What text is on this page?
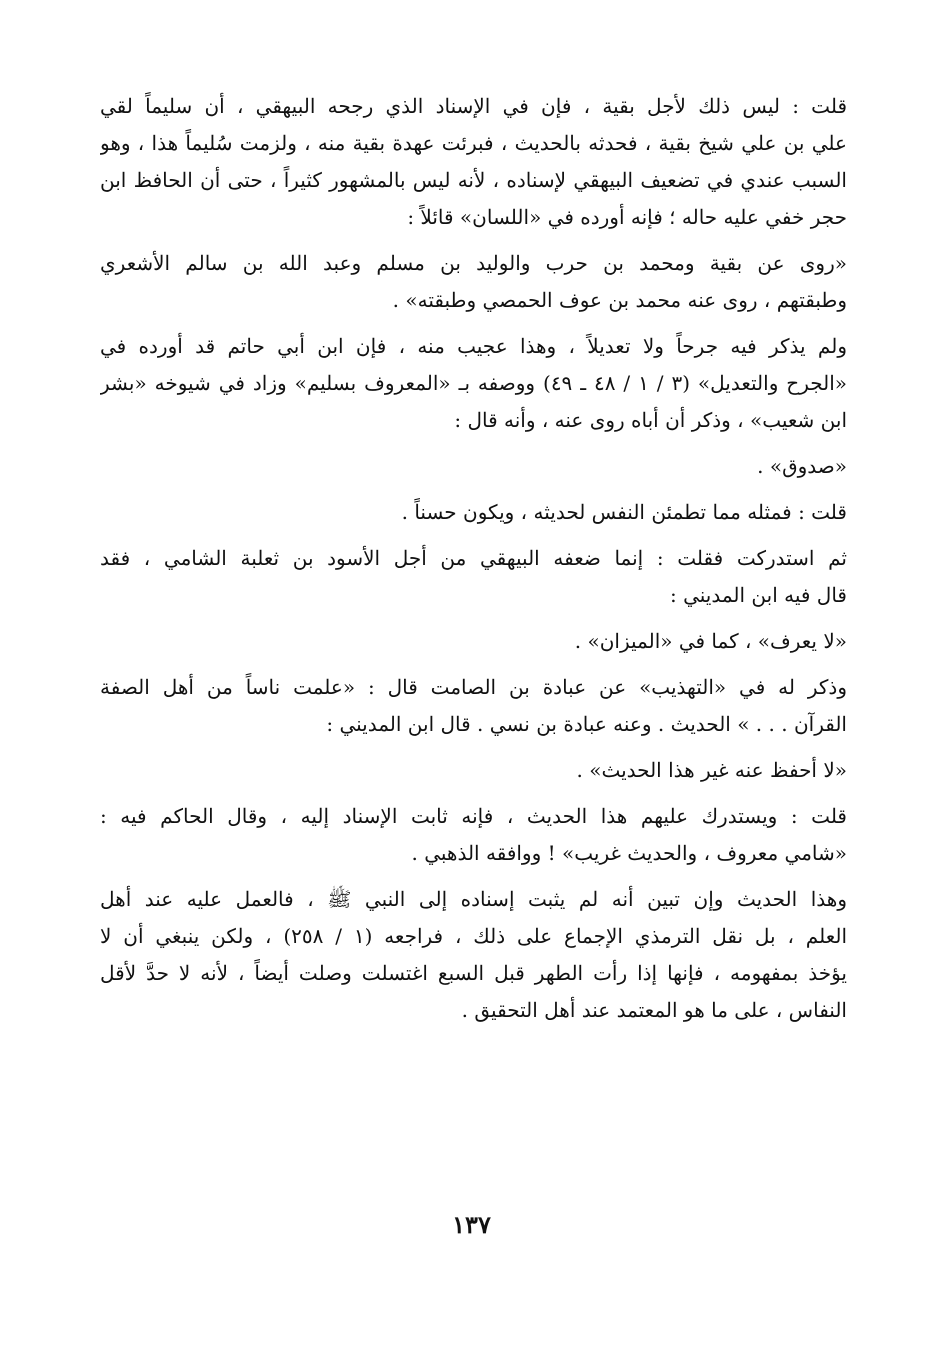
قلت : ليس ذلك لأجل بقية ، فإن في الإسناد الذي رجحه البيهقي ، أن سليماً لقي
علي بن علي شيخ بقية ، فحدثه بالحديث ، فبرئت عهدة بقية منه ، ولزمت سُليماً هذا ، وهو
السبب عندي في تضعيف البيهقي لإسناده ، لأنه ليس بالمشهور كثيراً ، حتى أن الحافظ ابن
حجر خفي عليه حاله ؛ فإنه أورده في «اللسان» قائلاً :
«روى عن بقية ومحمد بن حرب والوليد بن مسلم وعبد الله بن سالم الأشعري
وطبقتهم ، روى عنه محمد بن عوف الحمصي وطبقته» .
ولم يذكر فيه جرحاً ولا تعديلاً ، وهذا عجيب منه ، فإن ابن أبي حاتم قد أورده في
«الجرح والتعديل» (٣ / ١ / ٤٨ ـ ٤٩) ووصفه بـ «المعروف بسليم» وزاد في شيوخه «بشر
ابن شعيب» ، وذكر أن أباه روى عنه ، وأنه قال :
«صدوق» .
قلت : فمثله مما تطمئن النفس لحديثه ، ويكون حسناً .
ثم استدركت فقلت : إنما ضعفه البيهقي من أجل الأسود بن ثعلبة الشامي ، فقد
قال فيه ابن المديني :
«لا يعرف» ، كما في «الميزان» .
وذكر له في «التهذيب» عن عبادة بن الصامت قال : «علمت ناساً من أهل الصفة
القرآن . . . » الحديث . وعنه عبادة بن نسي . قال ابن المديني :
«لا أحفظ عنه غير هذا الحديث» .
قلت : ويستدرك عليهم هذا الحديث ، فإنه ثابت الإسناد إليه ، وقال الحاكم فيه :
«شامي معروف ، والحديث غريب» ! ووافقه الذهبي .
وهذا الحديث وإن تبين أنه لم يثبت إسناده إلى النبي ﷺ ، فالعمل عليه عند أهل
العلم ، بل نقل الترمذي الإجماع على ذلك ، فراجعه (١ / ٢٥٨) ، ولكن ينبغي أن لا
يؤخذ بمفهومه ، فإنها إذا رأت الطهر قبل السبع اغتسلت وصلت أيضاً ، لأنه لا حدَّ لأقل
النفاس ، على ما هو المعتمد عند أهل التحقيق .
١٣٧
